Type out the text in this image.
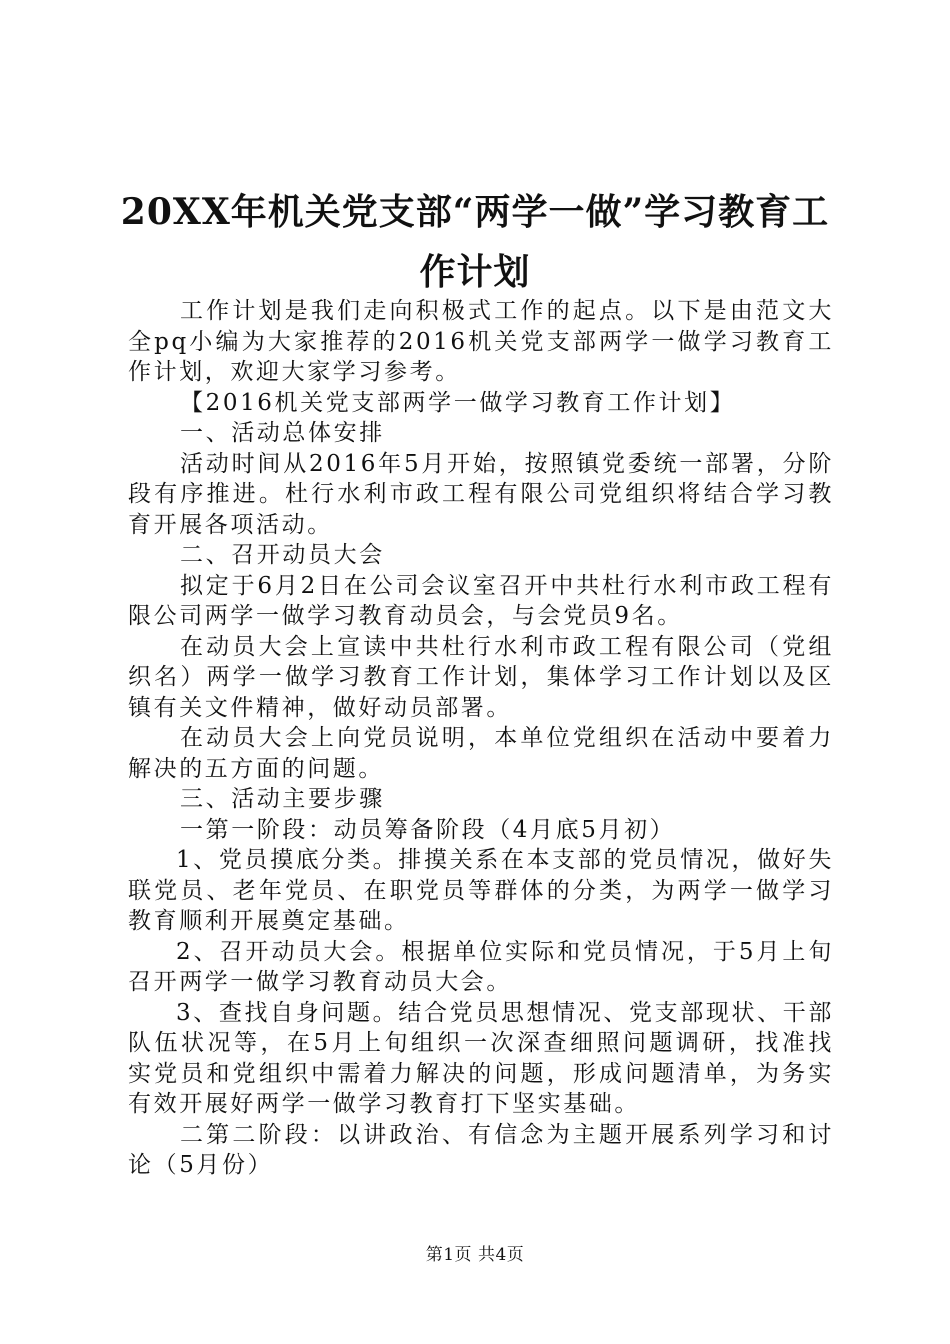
20XX年机关党支部“两学一做”学习教育工
作计划

工作计划是我们走向积极式工作的起点。以下是由范文大全pq小编为大家推荐的2016机关党支部两学一做学习教育工作计划，欢迎大家学习参考。

【2016机关党支部两学一做学习教育工作计划】

一、活动总体安排

活动时间从2016年5月开始，按照镇党委统一部署，分阶段有序推进。杜行水利市政工程有限公司党组织将结合学习教育开展各项活动。

二、召开动员大会

拟定于6月2日在公司会议室召开中共杜行水利市政工程有限公司两学一做学习教育动员会，与会党员9名。

在动员大会上宣读中共杜行水利市政工程有限公司（党组织名）两学一做学习教育工作计划，集体学习工作计划以及区镇有关文件精神，做好动员部署。

在动员大会上向党员说明，本单位党组织在活动中要着力解决的五方面的问题。

三、活动主要步骤

一第一阶段：动员筹备阶段（4月底5月初）

1、党员摸底分类。排摸关系在本支部的党员情况，做好失联党员、老年党员、在职党员等群体的分类，为两学一做学习教育顺利开展奠定基础。

2、召开动员大会。根据单位实际和党员情况，于5月上旬召开两学一做学习教育动员大会。

3、查找自身问题。结合党员思想情况、党支部现状、干部队伍状况等，在5月上旬组织一次深查细照问题调研，找准找实党员和党组织中需着力解决的问题，形成问题清单，为务实有效开展好两学一做学习教育打下坚实基础。

二第二阶段：以讲政治、有信念为主题开展系列学习和讨论（5月份）

第1页 共4页
